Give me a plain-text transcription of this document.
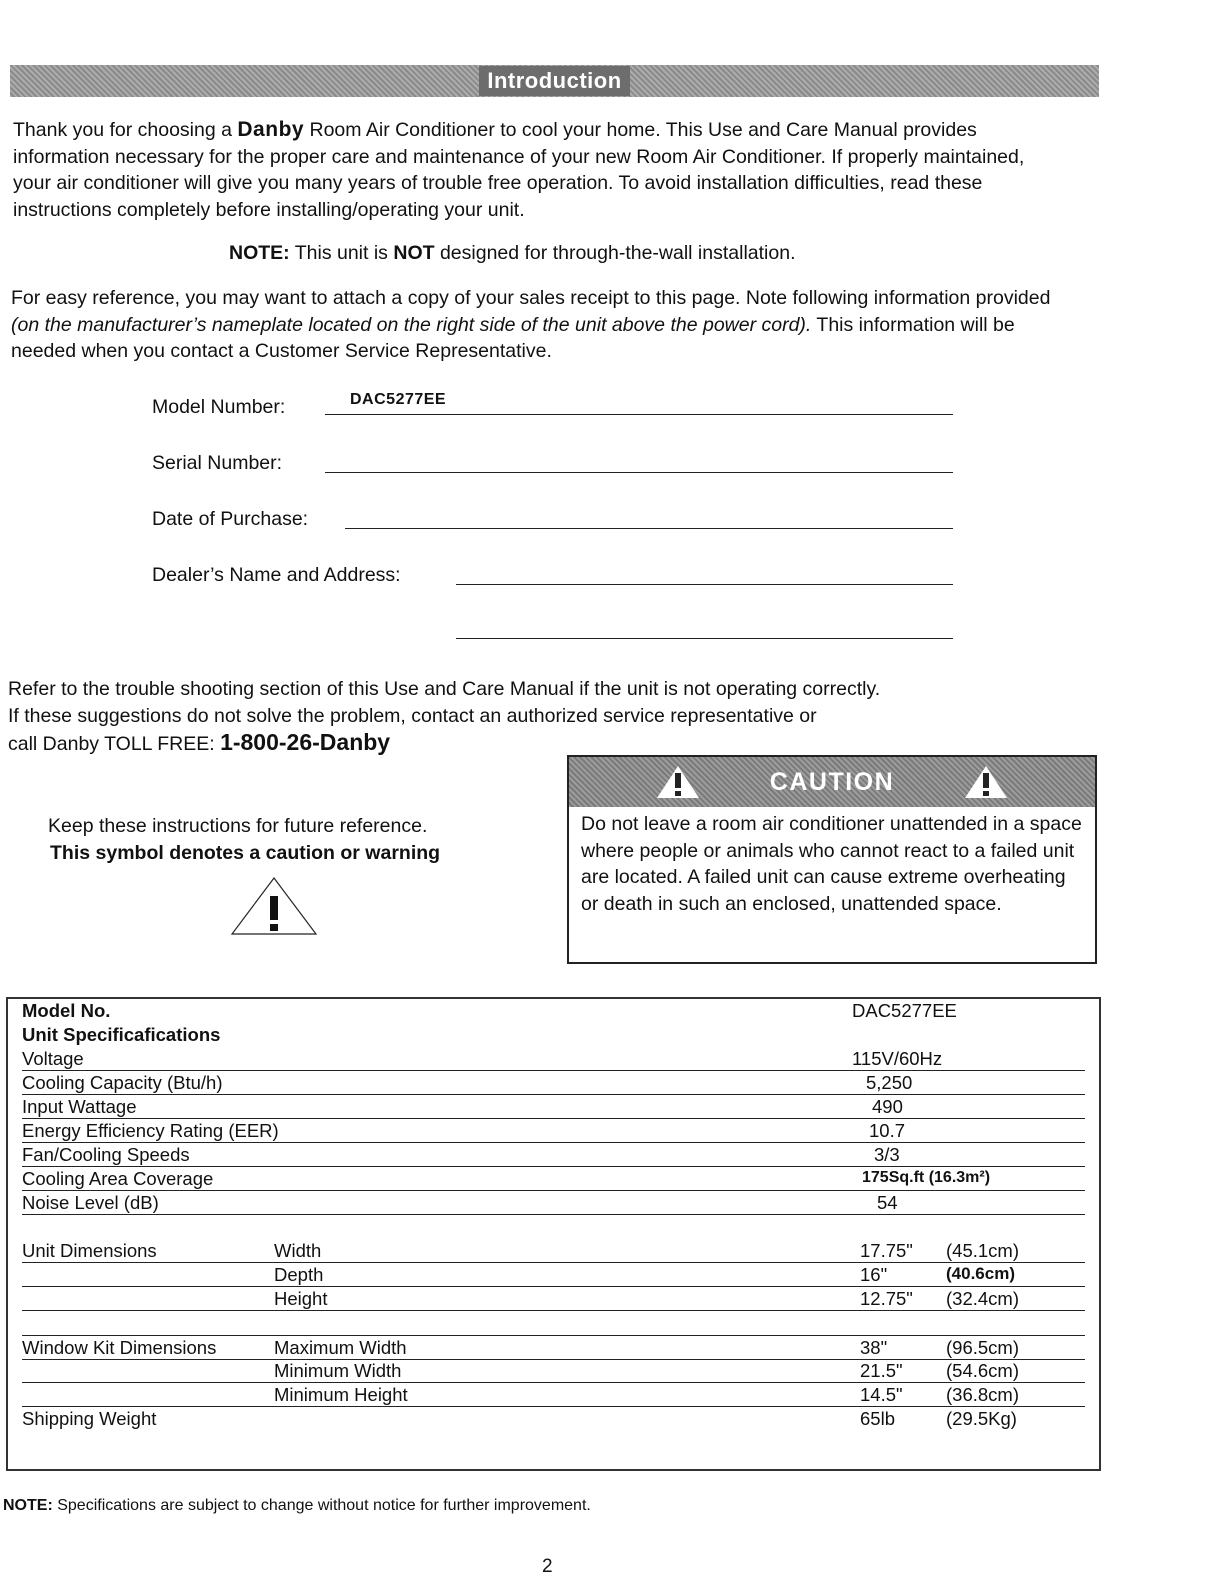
Introduction
Thank you for choosing a Danby Room Air Conditioner to cool your home. This Use and Care Manual provides information necessary for the proper care and maintenance of your new Room Air Conditioner. If properly maintained, your air conditioner will give you many years of trouble free operation. To avoid installation difficulties, read these instructions completely before installing/operating your unit.
NOTE: This unit is NOT designed for through-the-wall installation.
For easy reference, you may want to attach a copy of your sales receipt to this page. Note following information provided (on the manufacturer’s nameplate located on the right side of the unit above the power cord). This information will be needed when you contact a Customer Service Representative.
Model Number:	DAC5277EE
Serial Number:
Date of Purchase:
Dealer’s Name and Address:
Refer to the trouble shooting section of this Use and Care Manual if the unit is not operating correctly.
If these suggestions do not solve the problem, contact an authorized service representative or
call Danby TOLL FREE: 1-800-26-Danby
Keep these instructions for future reference.
This symbol denotes a caution or warning
CAUTION
Do not leave a room air conditioner unattended in a space where people or animals who cannot react to a failed unit are located. A failed unit can cause extreme overheating or death in such an enclosed, unattended space.
Model No.	DAC5277EE
Unit Specificafications
Voltage	115V/60Hz
Cooling Capacity (Btu/h)	5,250
Input Wattage	490
Energy Efficiency Rating (EER)	10.7
Fan/Cooling Speeds	3/3
Cooling Area Coverage	175Sq.ft (16.3m²)
Noise Level (dB)	54
Unit Dimensions	Width	17.75" (45.1cm)
Depth	16"	(40.6cm)
Height	12.75" (32.4cm)
Window Kit Dimensions	Maximum Width	38"	(96.5cm)
Minimum Width	21.5" (54.6cm)
Minimum Height	14.5" (36.8cm)
Shipping Weight	65lb	(29.5Kg)
NOTE: Specifications are subject to change without notice for further improvement.
2
